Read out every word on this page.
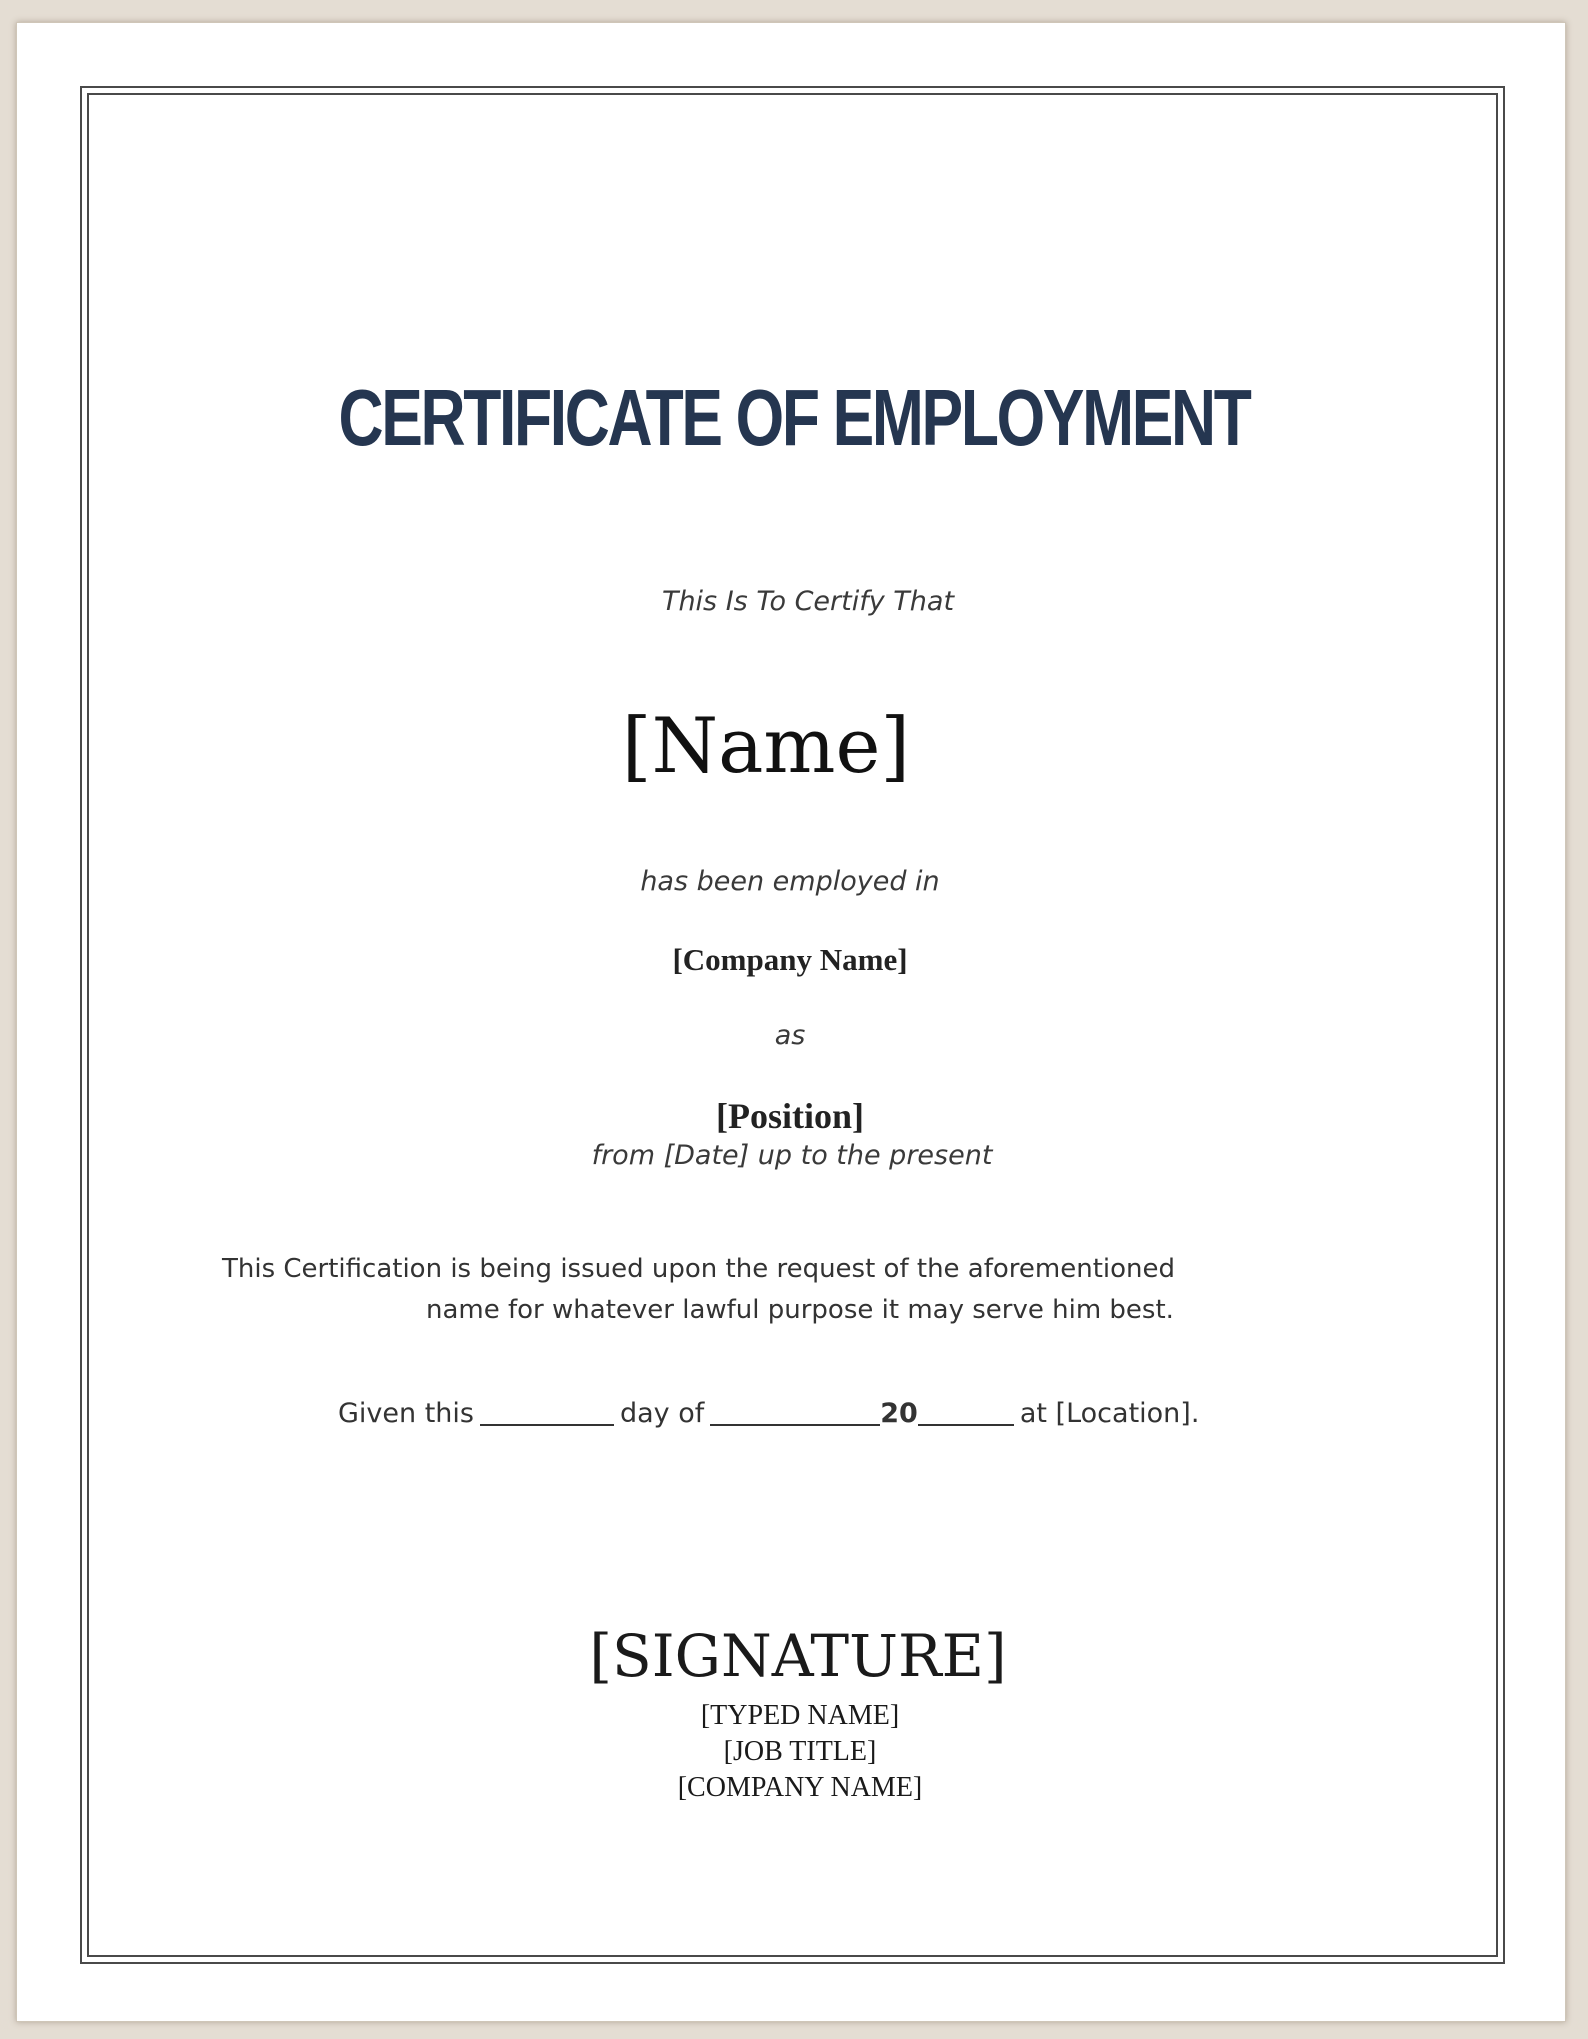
CERTIFICATE OF EMPLOYMENT
This Is To Certify That
[Name]
has been employed in
[Company Name]
as
[Position]
from [Date] up to the present
This Certification is being issued upon the request of the aforementioned
name for whatever lawful purpose it may serve him best.
Given this	day of	20	at [Location].
[SIGNATURE]
[TYPED NAME]
[JOB TITLE]
[COMPANY NAME]
